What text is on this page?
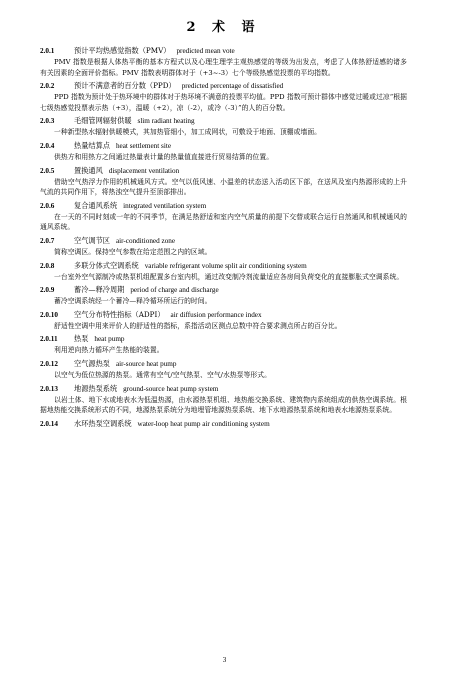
2 术 语
2.0.1	预计平均热感觉指数（PMV） predicted mean vote

PMV 指数是根据人体热平衡的基本方程式以及心理生理学主观热感觉的等级为出发点，考虑了人体热舒适感的诸多有关因素的全面评价指标。PMV 指数表明群体对于（+3~-3）七个等级热感觉投票的平均指数。

2.0.2	预计不满意者的百分数（PPD） predicted percentage of dissatisfied

PPD 指数为预计处于热环境中的群体对于热环境不满意的投票平均值。PPD 指数可预计群体中感觉过暖或过凉“根据七级热感觉投票表示热（+3），温暖（+2），凉（-2），或冷（-3）”的人的百分数。

2.0.3	毛细管网辐射供暖 slim radiant heating

一种新型热水辐射供暖模式，其加热管细小，加工成网状，可敷设于地面、顶棚或墙面。

2.0.4	热量结算点 heat settlement site

供热方和用热方之间通过热量表计量的热量值直接进行贸易结算的位置。

2.0.5	置换通风 displacement ventilation

借助空气热浮力作用的机械通风方式。空气以低风速、小温差的状态送入活动区下部，在送风及室内热源形成的上升气流的共同作用下，将热浊空气提升至顶部排出。

2.0.6	复合通风系统 integrated ventilation system

在一天的不同时刻或一年的不同季节，在满足热舒适和室内空气质量的前提下交替或联合运行自然通风和机械通风的通风系统。

2.0.7	空气调节区 air-conditioned zone

简称空调区。保持空气参数在给定范围之内的区域。

2.0.8	多联分体式空调系统 variable refrigerant volume split air conditioning system

一台室外空气源制冷或热泵机组配置多台室内机，通过改变制冷剂流量适应各房间负荷变化的直接膨胀式空调系统。

2.0.9	蓄冷—释冷周期 period of charge and discharge

蓄冷空调系统经一个蓄冷—释冷循环所运行的时间。

2.0.10 空气分布特性指标（ADPI） air diffusion performance index

舒适性空调中用来评价人的舒适性的指标，系指活动区测点总数中符合要求测点所占的百分比。

2.0.11 热泵 heat pump

利用逆向热力循环产生热能的装置。

2.0.12 空气源热泵 air-source heat pump

以空气为低位热源的热泵。通常有空气/空气热泵、空气/水热泵等形式。

2.0.13 地源热泵系统 ground-source heat pump system

以岩土体、地下水或地表水为低温热源，由水源热泵机组、地热能交换系统、建筑物内系统组成的供热空调系统。根据地热能交换系统形式的不同，地源热泵系统分为地埋管地源热泵系统、地下水地源热泵系统和地表水地源热泵系统。

2.0.14 水环热泵空调系统 water-loop heat pump air conditioning system
3
